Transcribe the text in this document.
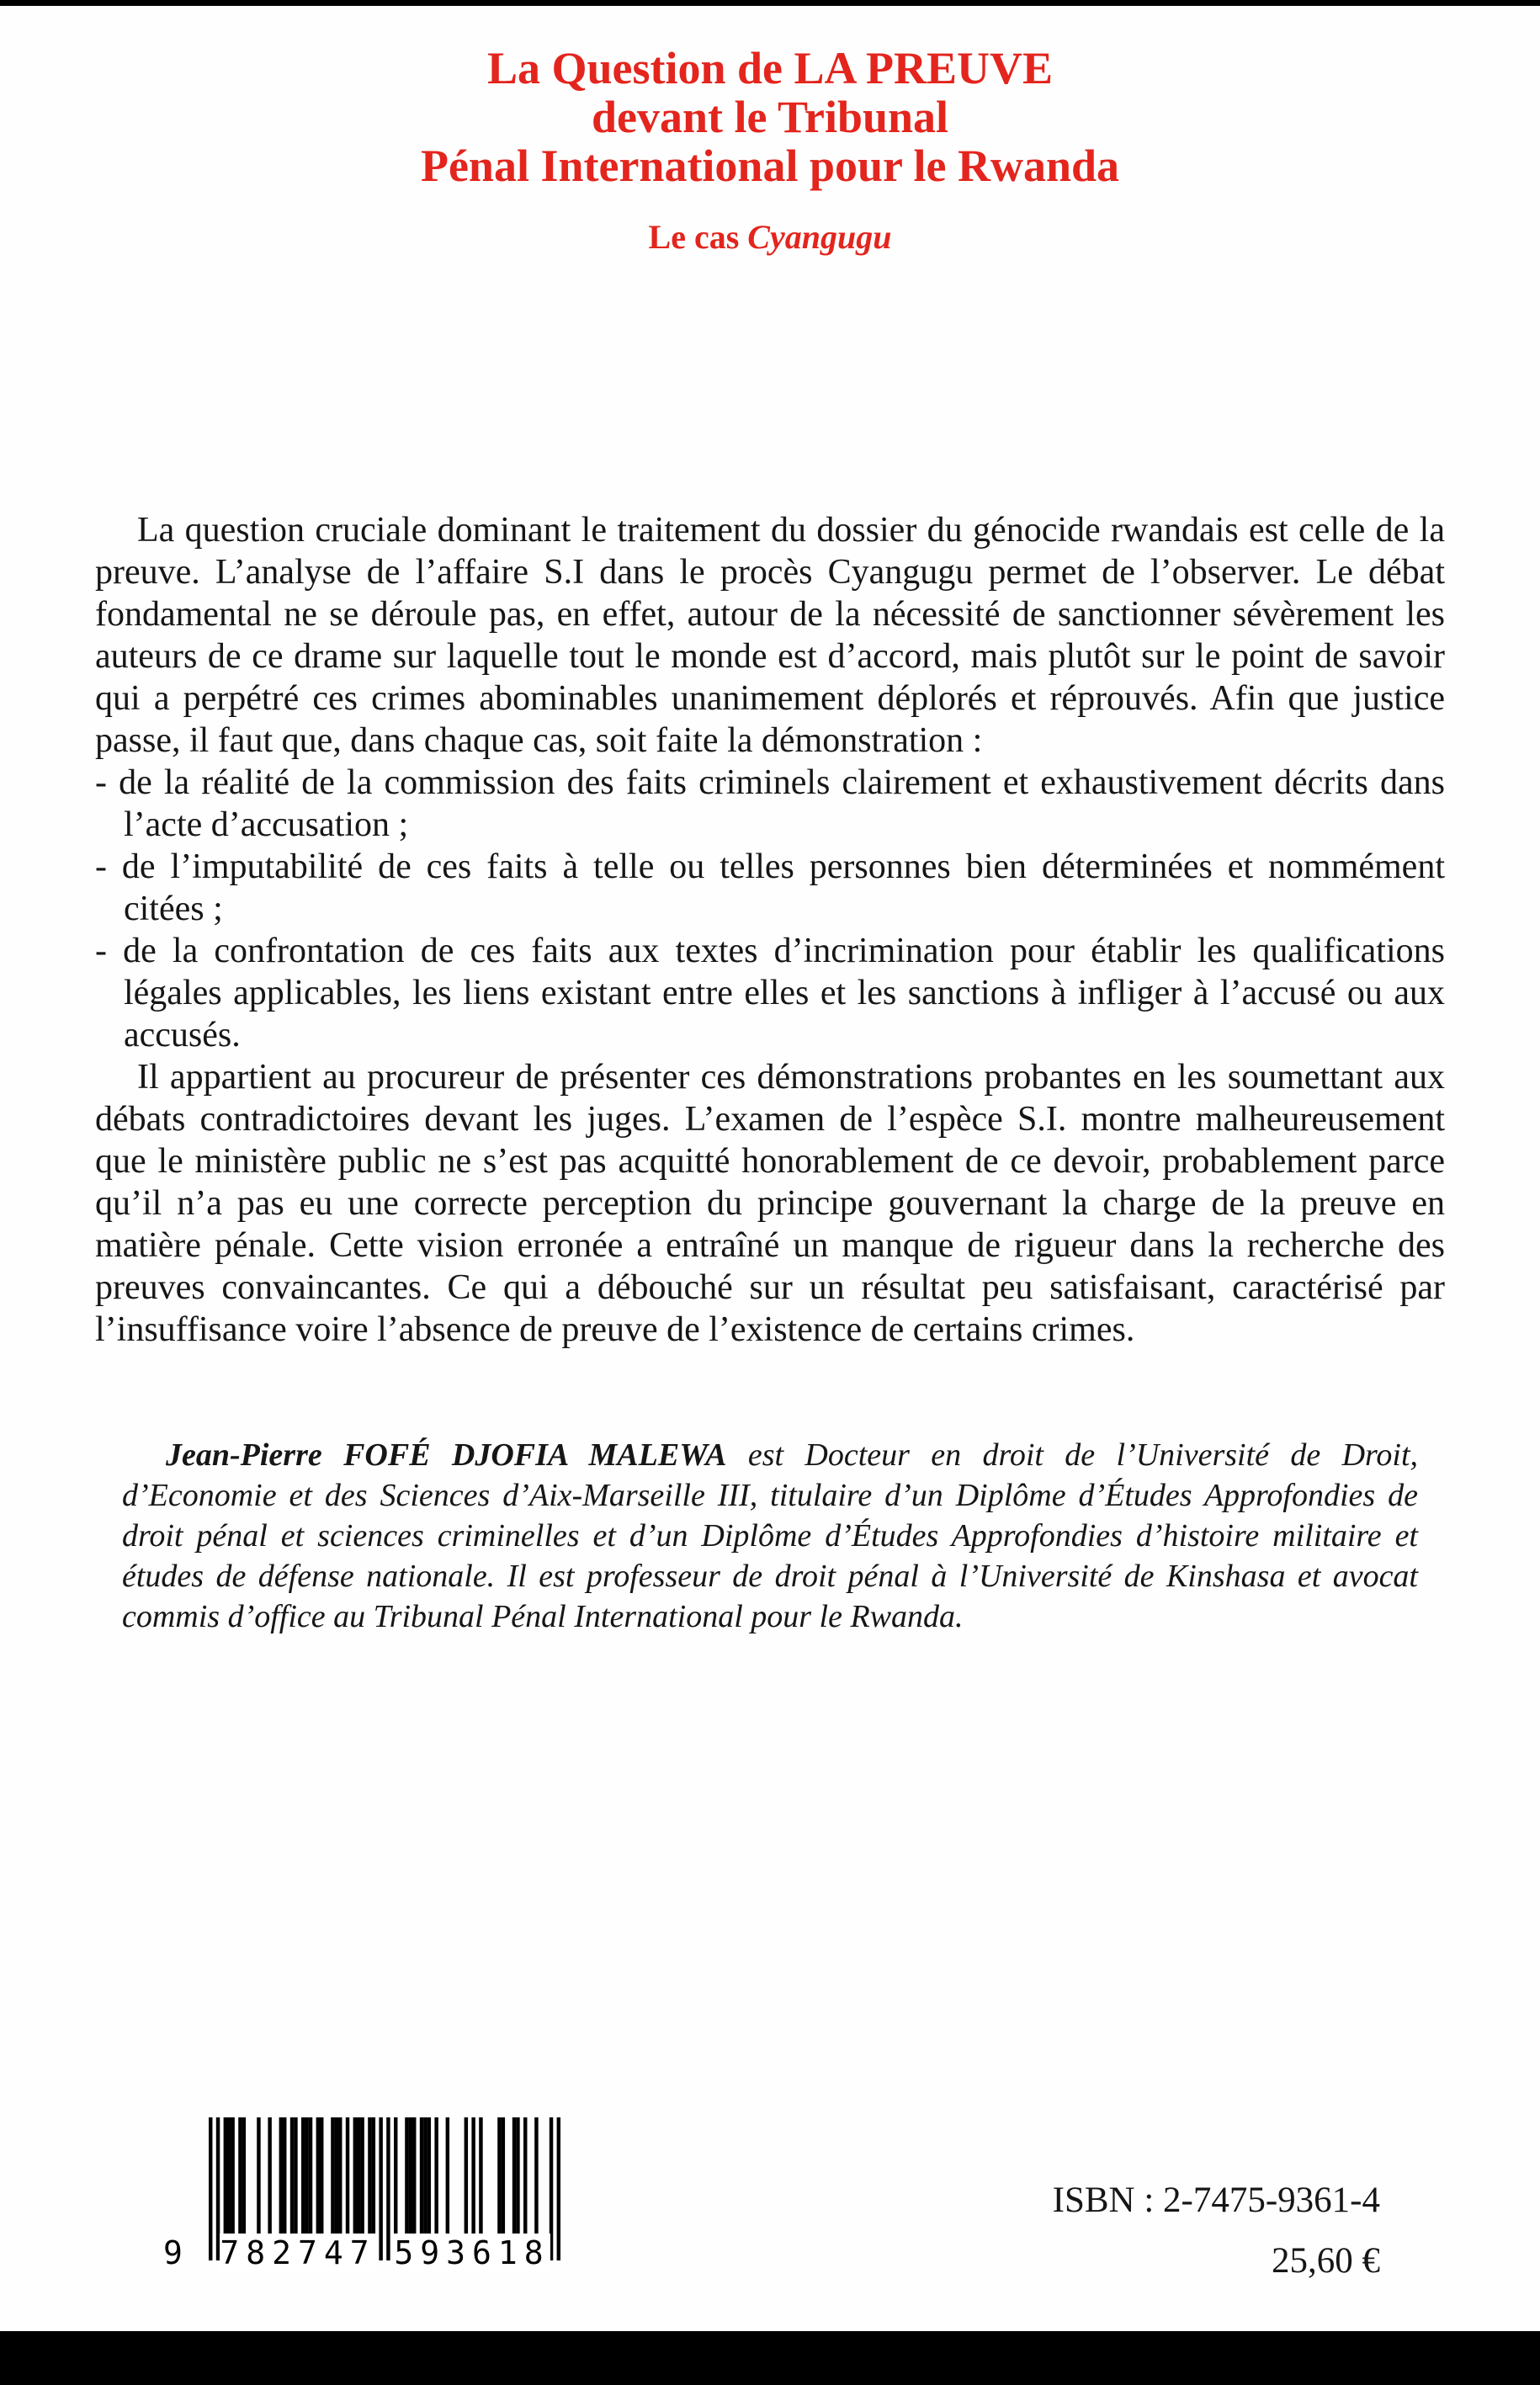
La Question de LA PREUVE
devant le Tribunal
Pénal International pour le Rwanda
Le cas Cyangugu

La question cruciale dominant le traitement du dossier du génocide rwandais est celle de la preuve. L’analyse de l’affaire S.I dans le procès Cyangugu permet de l’observer. Le débat fondamental ne se déroule pas, en effet, autour de la nécessité de sanctionner sévèrement les auteurs de ce drame sur laquelle tout le monde est d’accord, mais plutôt sur le point de savoir qui a perpétré ces crimes abominables unanimement déplorés et réprouvés. Afin que justice passe, il faut que, dans chaque cas, soit faite la démonstration :

- de la réalité de la commission des faits criminels clairement et exhaustivement décrits dans l’acte d’accusation ;
- de l’imputabilité de ces faits à telle ou telles personnes bien déterminées et nommément citées ;
- de la confrontation de ces faits aux textes d’incrimination pour établir les qualifications légales applicables, les liens existant entre elles et les sanctions à infliger à l’accusé ou aux accusés.

Il appartient au procureur de présenter ces démonstrations probantes en les soumettant aux débats contradictoires devant les juges. L’examen de l’espèce S.I. montre malheureusement que le ministère public ne s’est pas acquitté honorablement de ce devoir, probablement parce qu’il n’a pas eu une correcte perception du principe gouvernant la charge de la preuve en matière pénale. Cette vision erronée a entraîné un manque de rigueur dans la recherche des preuves convaincantes. Ce qui a débouché sur un résultat peu satisfaisant, caractérisé par l’insuffisance voire l’absence de preuve de l’existence de certains crimes.

Jean-Pierre FOFÉ DJOFIA MALEWA est Docteur en droit de l’Université de Droit, d’Economie et des Sciences d’Aix-Marseille III, titulaire d’un Diplôme d’Études Approfondies de droit pénal et sciences criminelles et d’un Diplôme d’Études Approfondies d’histoire militaire et études de défense nationale. Il est professeur de droit pénal à l’Université de Kinshasa et avocat commis d’office au Tribunal Pénal International pour le Rwanda.

9 782747 593618
ISBN : 2-7475-9361-4
25,60 €
